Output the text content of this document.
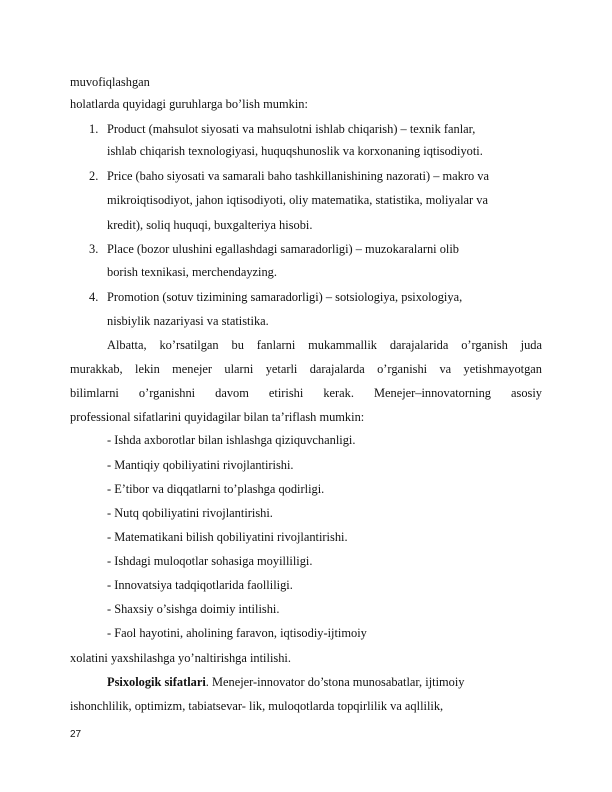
muvofiqlashgan
holatlarda quyidagi guruhlarga bo’lish mumkin:
1. Product (mahsulot siyosati va mahsulotni ishlab chiqarish) – texnik fanlar,
ishlab chiqarish texnologiyasi, huquqshunoslik va korxonaning iqtisodiyoti.
2. Price (baho siyosati va samarali baho tashkillanishining nazorati) – makro va
mikroiqtisodiyot, jahon iqtisodiyoti, oliy matematika, statistika, moliyalar va
kredit), soliq huquqi, buxgalteriya hisobi.
3. Place (bozor ulushini egallashdagi samaradorligi) – muzokaralarni olib
borish texnikasi, merchendayzing.
4. Promotion (sotuv tizimining samaradorligi) – sotsiologiya, psixologiya,
nisbiylik nazariyasi va statistika.
Albatta, ko’rsatilgan bu fanlarni mukammallik darajalarida o’rganish juda
murakkab, lekin menejer ularni yetarli darajalarda o’rganishi va yetishmayotgan
bilimlarni o’rganishni davom etirishi kerak. Menejer–innovatorning asosiy
professional sifatlarini quyidagilar bilan ta’riflash mumkin:
- Ishda axborotlar bilan ishlashga qiziquvchanligi.
- Mantiqiy qobiliyatini rivojlantirishi.
- E’tibor va diqqatlarni to’plashga qodirligi.
- Nutq qobiliyatini rivojlantirishi.
- Matematikani bilish qobiliyatini rivojlantirishi.
- Ishdagi muloqotlar sohasiga moyilliligi.
- Innovatsiya tadqiqotlarida faolliligi.
- Shaxsiy o’sishga doimiy intilishi.
- Faol hayotini, aholining faravon, iqtisodiy-ijtimoiy
xolatini yaxshilashga yo’naltirishga intilishi.
Psixologik sifatlari. Menejer-innovator do’stona munosabatlar, ijtimoiy
ishonchlilik, optimizm, tabiatsevar- lik, muloqotlarda topqirlilik va aqllilik,
27
